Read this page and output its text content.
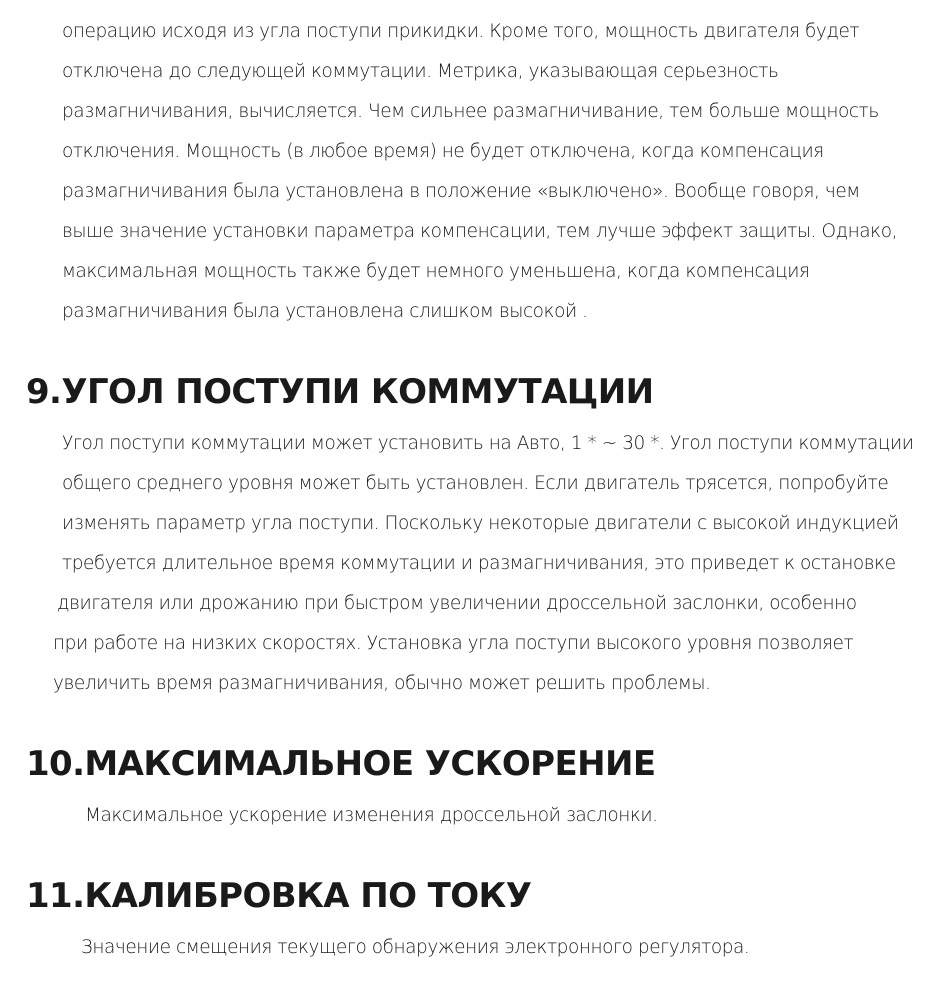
операцию исходя из угла поступи прикидки. Кроме того, мощность двигателя будет
отключена до следующей коммутации. Метрика, указывающая серьезность
размагничивания, вычисляется. Чем сильнее размагничивание, тем больше мощность
отключения. Мощность (в любое время) не будет отключена, когда компенсация
размагничивания была установлена в положение «выключено». Вообще говоря, чем
выше значение установки параметра компенсации, тем лучше эффект защиты. Однако,
максимальная мощность также будет немного уменьшена, когда компенсация
размагничивания была установлена слишком высокой .
9.УГОЛ ПОСТУПИ КОММУТАЦИИ
Угол поступи коммутации может установить на Авто, 1 * ~ 30 *. Угол поступи коммутации
общего среднего уровня может быть установлен. Если двигатель трясется, попробуйте
изменять параметр угла поступи. Поскольку некоторые двигатели с высокой индукцией
требуется длительное время коммутации и размагничивания, это приведет к остановке
двигателя или дрожанию при быстром увеличении дроссельной заслонки, особенно
при работе на низких скоростях. Установка угла поступи высокого уровня позволяет
увеличить время размагничивания, обычно может решить проблемы.
10.МАКСИМАЛЬНОЕ УСКОРЕНИЕ
Максимальное ускорение изменения дроссельной заслонки.
11.КАЛИБРОВКА ПО ТОКУ
Значение смещения текущего обнаружения электронного регулятора.
